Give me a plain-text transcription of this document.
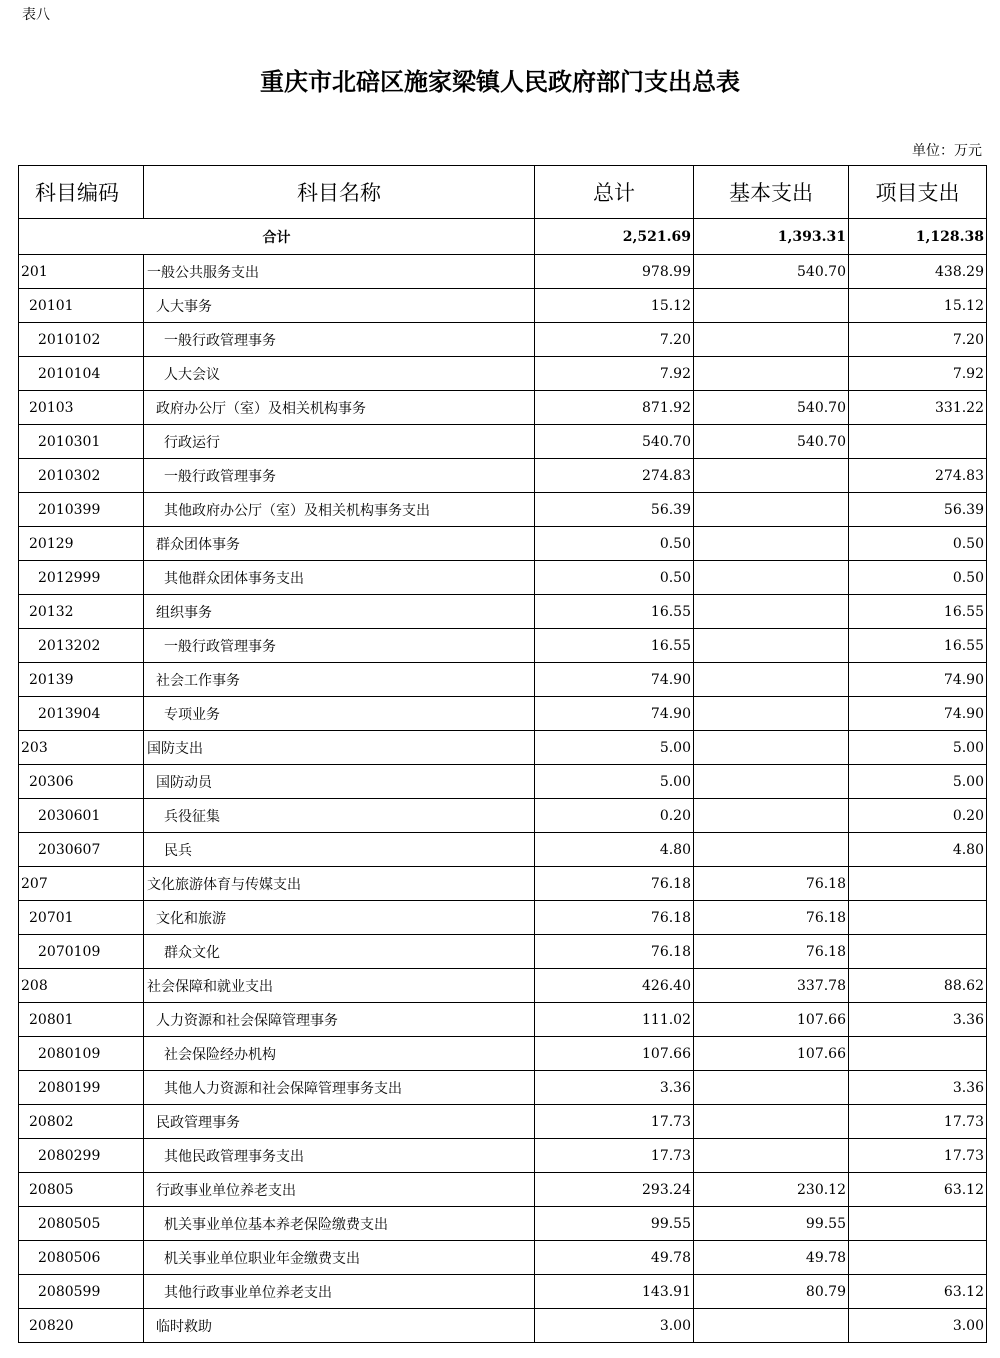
表八
重庆市北碚区施家梁镇人民政府部门支出总表
单位：万元
科目编码	科目名称	总计	基本支出	项目支出
合计		2,521.69	1,393.31	1,128.38
201	一般公共服务支出	978.99	540.70	438.29
20101	人大事务	15.12		15.12
2010102	一般行政管理事务	7.20		7.20
2010104	人大会议	7.92		7.92
20103	政府办公厅（室）及相关机构事务	871.92	540.70	331.22
2010301	行政运行	540.70	540.70	
2010302	一般行政管理事务	274.83		274.83
2010399	其他政府办公厅（室）及相关机构事务支出	56.39		56.39
20129	群众团体事务	0.50		0.50
2012999	其他群众团体事务支出	0.50		0.50
20132	组织事务	16.55		16.55
2013202	一般行政管理事务	16.55		16.55
20139	社会工作事务	74.90		74.90
2013904	专项业务	74.90		74.90
203	国防支出	5.00		5.00
20306	国防动员	5.00		5.00
2030601	兵役征集	0.20		0.20
2030607	民兵	4.80		4.80
207	文化旅游体育与传媒支出	76.18	76.18	
20701	文化和旅游	76.18	76.18	
2070109	群众文化	76.18	76.18	
208	社会保障和就业支出	426.40	337.78	88.62
20801	人力资源和社会保障管理事务	111.02	107.66	3.36
2080109	社会保险经办机构	107.66	107.66	
2080199	其他人力资源和社会保障管理事务支出	3.36		3.36
20802	民政管理事务	17.73		17.73
2080299	其他民政管理事务支出	17.73		17.73
20805	行政事业单位养老支出	293.24	230.12	63.12
2080505	机关事业单位基本养老保险缴费支出	99.55	99.55	
2080506	机关事业单位职业年金缴费支出	49.78	49.78	
2080599	其他行政事业单位养老支出	143.91	80.79	63.12
20820	临时救助	3.00		3.00
